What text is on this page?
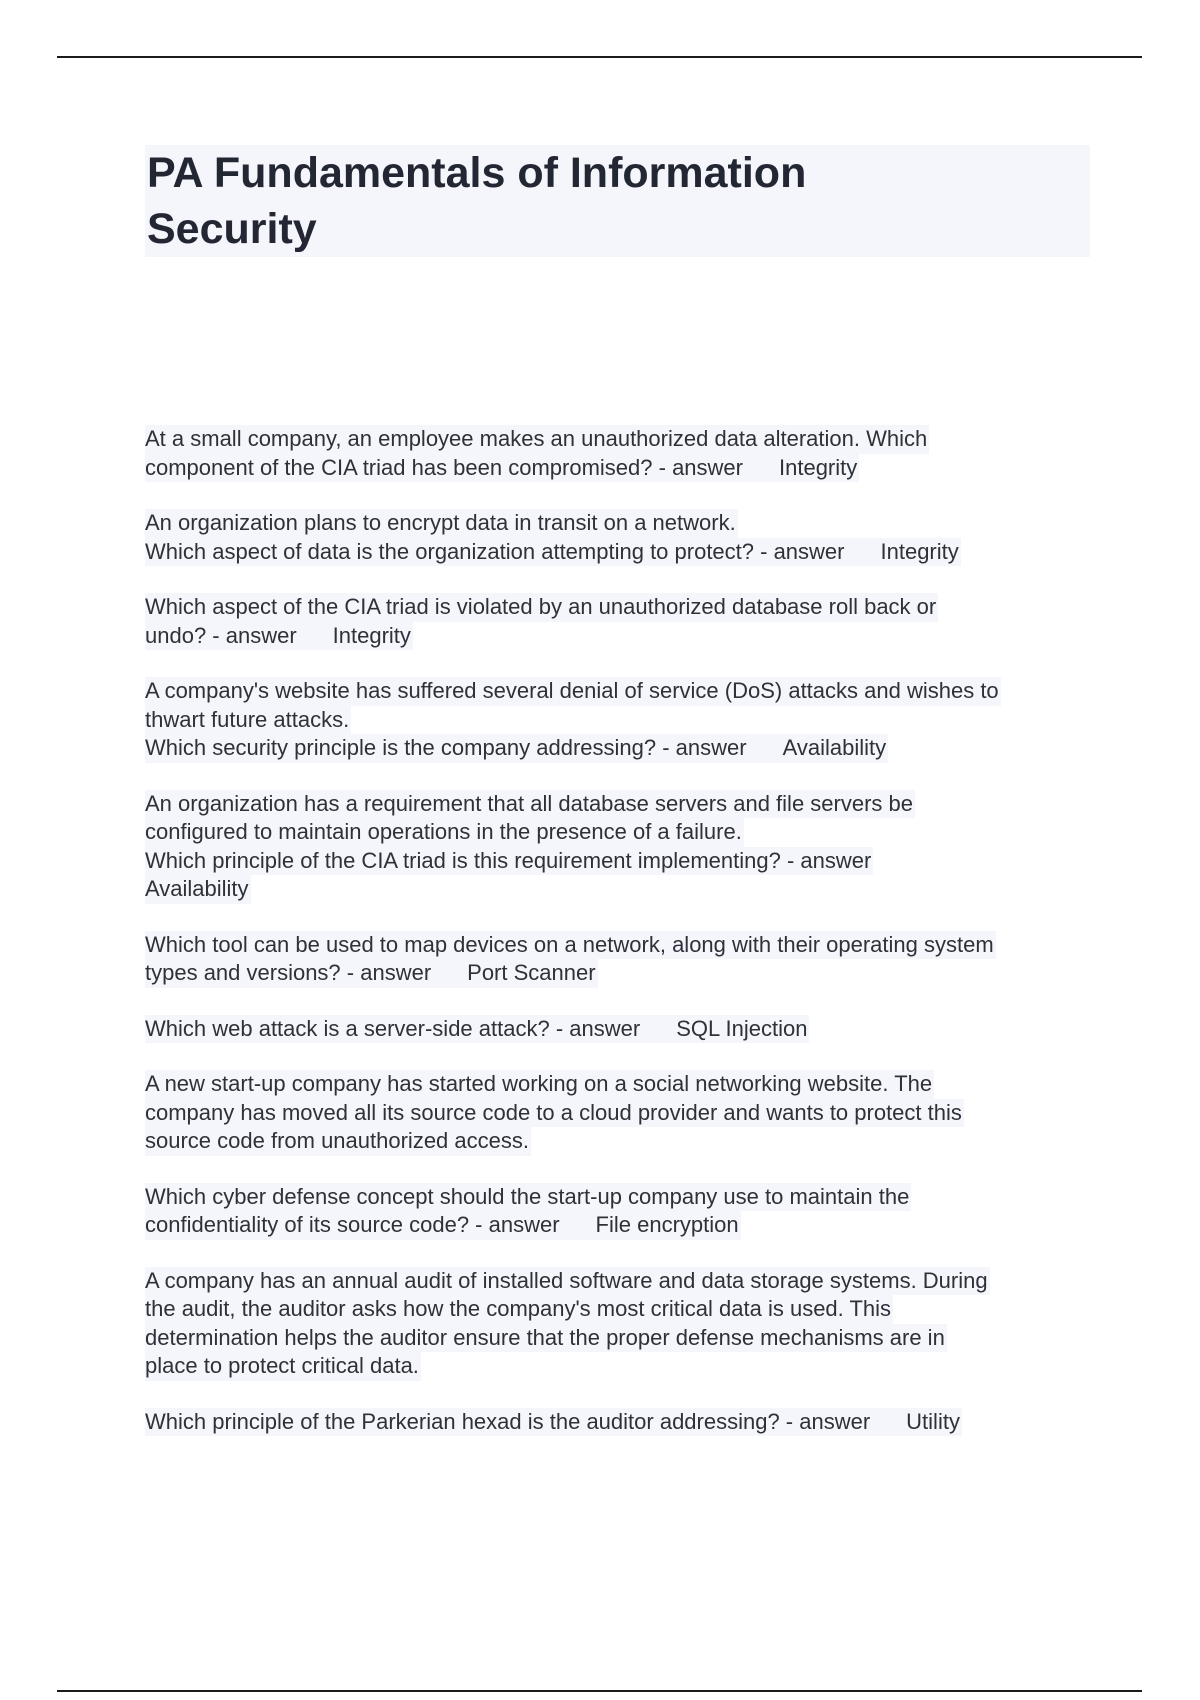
PA Fundamentals of Information
Security
At a small company, an employee makes an unauthorized data alteration. Which
component of the CIA triad has been compromised? - answer Integrity
An organization plans to encrypt data in transit on a network.
Which aspect of data is the organization attempting to protect? - answer Integrity
Which aspect of the CIA triad is violated by an unauthorized database roll back or
undo? - answer Integrity
A company's website has suffered several denial of service (DoS) attacks and wishes to
thwart future attacks.
Which security principle is the company addressing? - answer Availability
An organization has a requirement that all database servers and file servers be
configured to maintain operations in the presence of a failure.
Which principle of the CIA triad is this requirement implementing? - answer
Availability
Which tool can be used to map devices on a network, along with their operating system
types and versions? - answer Port Scanner
Which web attack is a server-side attack? - answer SQL Injection
A new start-up company has started working on a social networking website. The
company has moved all its source code to a cloud provider and wants to protect this
source code from unauthorized access.
Which cyber defense concept should the start-up company use to maintain the
confidentiality of its source code? - answer File encryption
A company has an annual audit of installed software and data storage systems. During
the audit, the auditor asks how the company's most critical data is used. This
determination helps the auditor ensure that the proper defense mechanisms are in
place to protect critical data.
Which principle of the Parkerian hexad is the auditor addressing? - answer Utility
